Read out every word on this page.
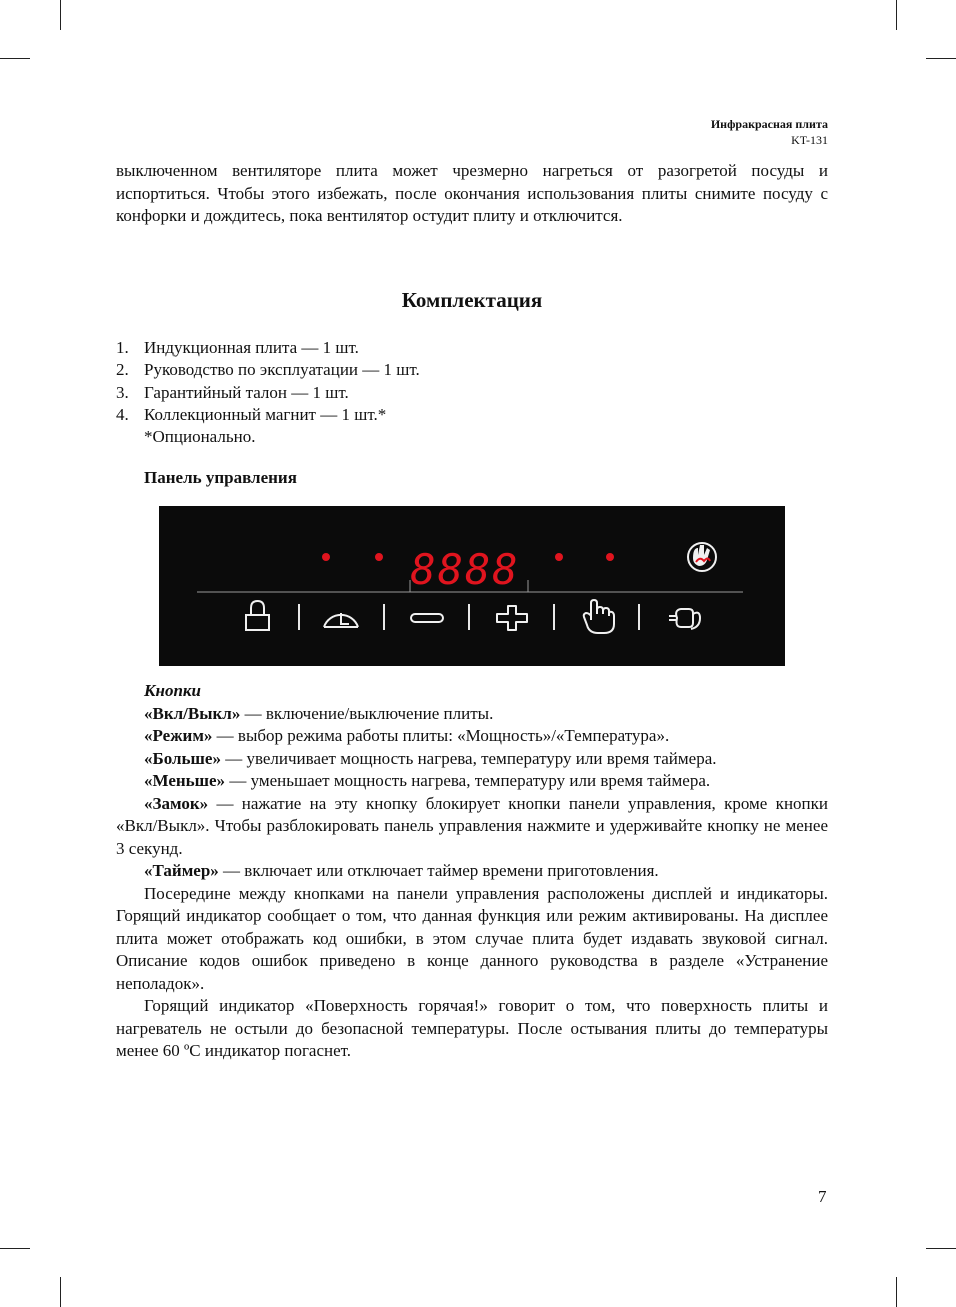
Инфракрасная плита
KT-131

выключенном вентиляторе плита может чрезмерно нагреться от разогретой посуды и испортиться. Чтобы этого избежать, после окончания использования плиты снимите посуду с конфорки и дождитесь, пока вентилятор остудит плиту и отключится.

Комплектация
1. Индукционная плита — 1 шт.
2. Руководство по эксплуатации — 1 шт.
3. Гарантийный талон — 1 шт.
4. Коллекционный магнит — 1 шт.*
*Опционально.
Панель управления
8888

Кнопки

«Вкл/Выкл» — включение/выключение плиты.

«Режим» — выбор режима работы плиты: «Мощность»/«Температура».

«Больше» — увеличивает мощность нагрева, температуру или время таймера.

«Меньше» — уменьшает мощность нагрева, температуру или время таймера.

«Замок» — нажатие на эту кнопку блокирует кнопки панели управления, кроме кнопки «Вкл/Выкл». Чтобы разблокировать панель управления нажмите и удерживайте кнопку не менее 3 секунд.

«Таймер» — включает или отключает таймер времени приготовления.

Посередине между кнопками на панели управления расположены дисплей и индикаторы. Горящий индикатор сообщает о том, что данная функция или режим активированы. На дисплее плита может отображать код ошибки, в этом случае плита будет издавать звуковой сигнал. Описание кодов ошибок приведено в конце данного руководства в разделе «Устранение неполадок».

Горящий индикатор «Поверхность горячая!» говорит о том, что поверхность плиты и нагреватель не остыли до безопасной температуры. После остывания плиты до температуры менее 60 ºС индикатор погаснет.

7
